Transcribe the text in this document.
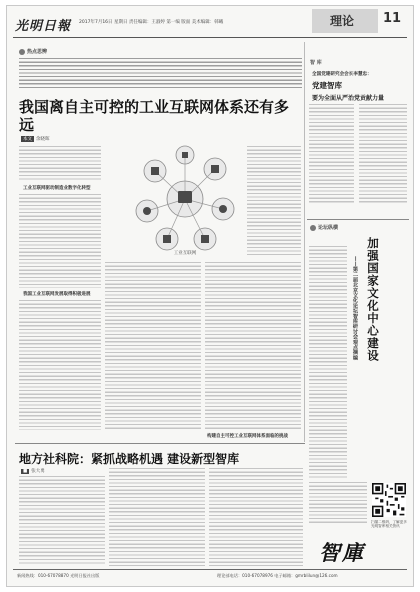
光明日報 2017年7月16日 星期日 责任编辑：王淑婷 第一编 版面 美术编辑：韩曦	理论 11
热点思辨
我国离自主可控的工业互联网体系还有多远
本文 余晓晖
工业互联网驱动制造业数字化转型
我国工业互联网发展取得积极进展
构建自主可控工业互联网体系面临的挑战
工业互联网
智 库
全国党建研究会会长李慧忠：
党建智库
要为全面从严治党贡献力量
论坛纵横
加强国家文化中心建设
——第二届北京文化论坛智库研讨会观点摘编
扫描二维码，了解更多光明智库相关资讯
智庫
地方社科院：紧抓战略机遇 建设新型智库
■ 张大勇
新闻热线：010-67078870 光明日报社出版	理论部电话：010-67078976 电子邮箱：gmrblilun@126.com
